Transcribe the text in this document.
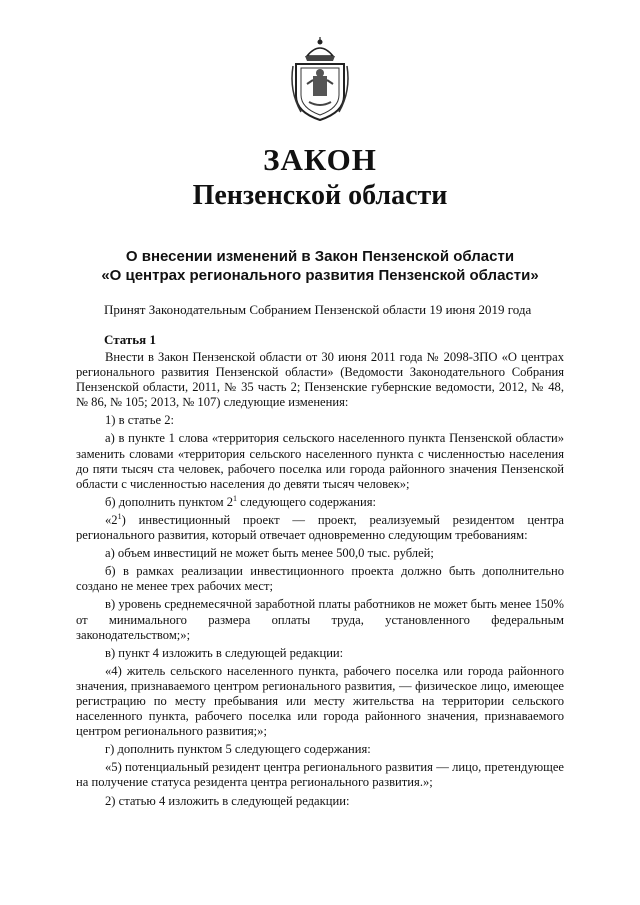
ЗАКОН
Пензенской области
О внесении изменений в Закон Пензенской области
«О центрах регионального развития Пензенской области»
Принят Законодательным Собранием Пензенской области 19 июня 2019 года
Статья 1

Внести в Закон Пензенской области от 30 июня 2011 года № 2098-ЗПО «О центрах регионального развития Пензенской области» (Ведомости Законодательного Собрания Пензенской области, 2011, № 35 часть 2; Пензенские губернские ведомости, 2012, № 48, № 86, № 105; 2013, № 107) следующие изменения:

1) в статье 2:

а) в пункте 1 слова «территория сельского населенного пункта Пензенской области» заменить словами «территория сельского населенного пункта с численностью населения до пяти тысяч ста человек, рабочего поселка или города районного значения Пензенской области с численностью населения до девяти тысяч человек»;

б) дополнить пунктом $2^1$ следующего содержания:

«$2^1$) инвестиционный проект — проект, реализуемый резидентом центра регионального развития, который отвечает одновременно следующим требованиям:

а) объем инвестиций не может быть менее 500,0 тыс. рублей;

б) в рамках реализации инвестиционного проекта должно быть дополнительно создано не менее трех рабочих мест;

в) уровень среднемесячной заработной платы работников не может быть менее 150% от минимального размера оплаты труда, установленного федеральным законодательством;»;

в) пункт 4 изложить в следующей редакции:

«4) житель сельского населенного пункта, рабочего поселка или города районного значения, признаваемого центром регионального развития, — физическое лицо, имеющее регистрацию по месту пребывания или месту жительства на территории сельского населенного пункта, рабочего поселка или города районного значения, признаваемого центром регионального развития;»;

г) дополнить пунктом 5 следующего содержания:

«5) потенциальный резидент центра регионального развития — лицо, претендующее на получение статуса резидента центра регионального развития.»;

2) статью 4 изложить в следующей редакции:
